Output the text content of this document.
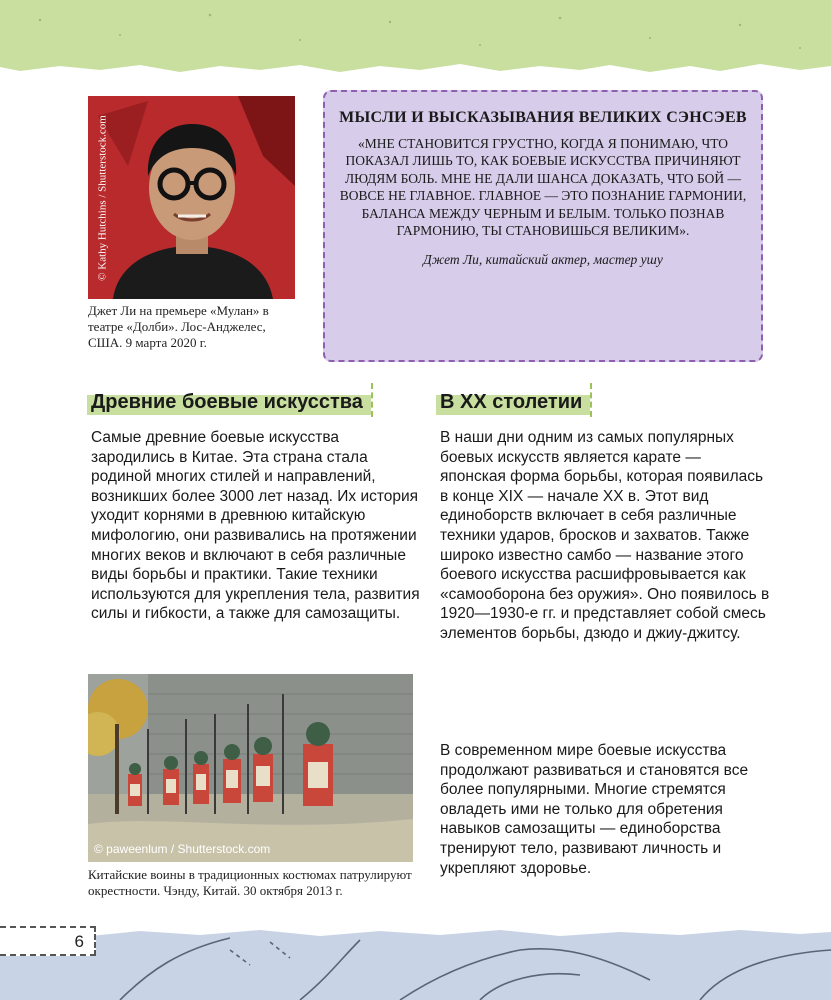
© Kathy Hutchins / Shutterstock.com
Джет Ли на премьере «Мулан» в театре «Долби». Лос-Анджелес, США. 9 марта 2020 г.
МЫСЛИ И ВЫСКАЗЫВАНИЯ ВЕЛИКИХ СЭНСЭЕВ
«МНЕ СТАНОВИТСЯ ГРУСТНО, КОГДА Я ПОНИМАЮ, ЧТО ПОКАЗАЛ ЛИШЬ ТО, КАК БОЕВЫЕ ИСКУССТВА ПРИЧИНЯЮТ ЛЮДЯМ БОЛЬ. МНЕ НЕ ДАЛИ ШАНСА ДОКАЗАТЬ, ЧТО БОЙ — ВОВСЕ НЕ ГЛАВНОЕ. ГЛАВНОЕ — ЭТО ПОЗНАНИЕ ГАРМОНИИ, БАЛАНСА МЕЖДУ ЧЕРНЫМ И БЕЛЫМ. ТОЛЬКО ПОЗНАВ ГАРМОНИЮ, ТЫ СТАНОВИШЬСЯ ВЕЛИКИМ».
Джет Ли, китайский актер, мастер ушу
Древние боевые искусства
Самые древние боевые искусства зародились в Китае. Эта страна стала родиной многих стилей и направлений, возникших более 3000 лет назад. Их история уходит корнями в древнюю китайскую мифологию, они развивались на протяжении многих веков и включают в себя различные виды борьбы и практики. Такие техники используются для укрепления тела, развития силы и гибкости, а также для самозащиты.
© paweenlum / Shutterstock.com
Китайские воины в традиционных костюмах патрулируют окрестности. Чэнду, Китай. 30 октября 2013 г.
В XX столетии
В наши дни одним из самых популярных боевых искусств является карате — японская форма борьбы, которая появилась в конце XIX — начале XX в. Этот вид единоборств включает в себя различные техники ударов, бросков и захватов. Также широко известно самбо — название этого боевого искусства расшифровывается как «самооборона без оружия». Оно появилось в 1920—1930-е гг. и представляет собой смесь элементов борьбы, дзюдо и джиу-джитсу.
В современном мире боевые искусства продолжают развиваться и становятся все более популярными. Многие стремятся овладеть ими не только для обретения навыков самозащиты — единоборства тренируют тело, развивают личность и укрепляют здоровье.
6
